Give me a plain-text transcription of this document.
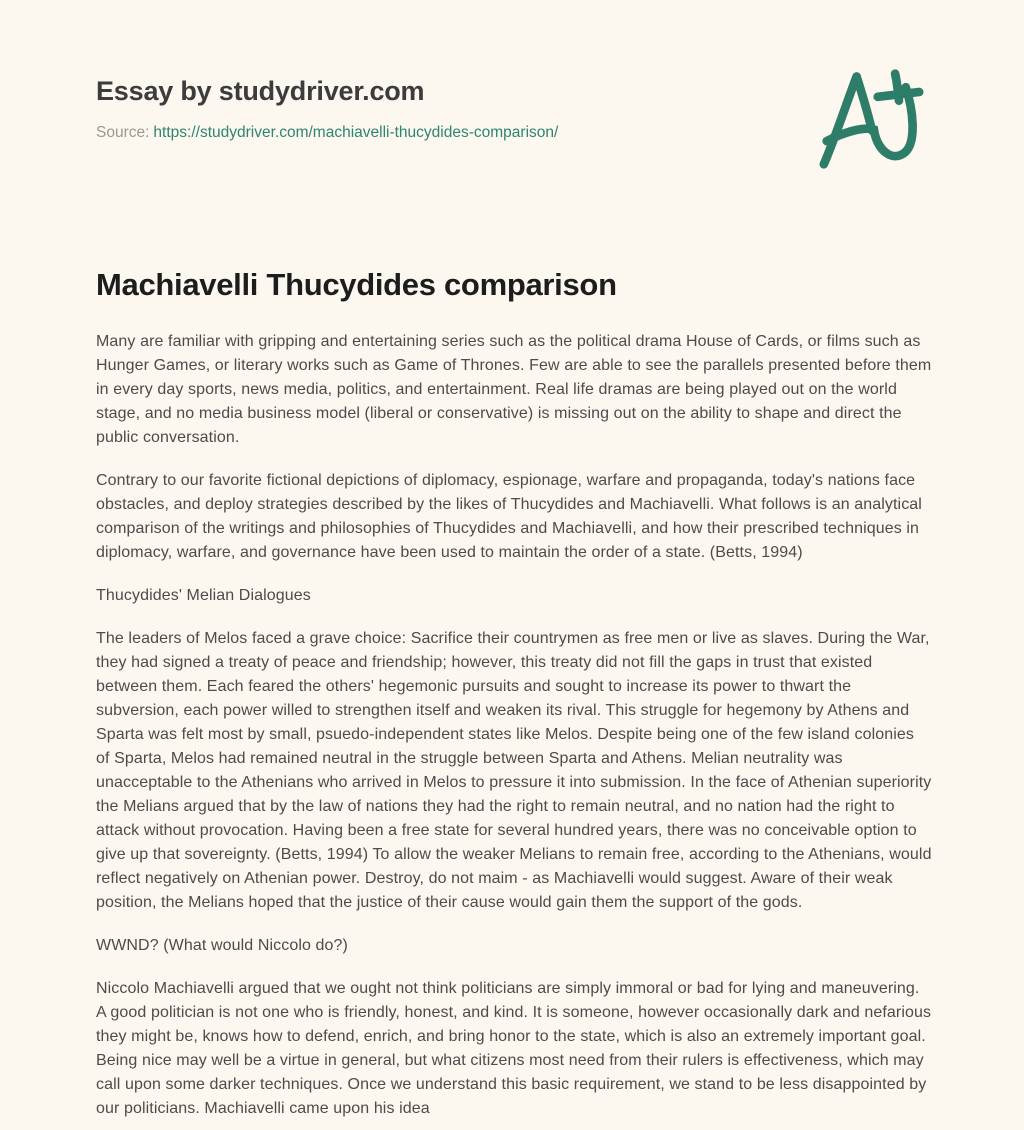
Essay by studydriver.com
Source: https://studydriver.com/machiavelli-thucydides-comparison/
Machiavelli Thucydides comparison

Many are familiar with gripping and entertaining series such as the political drama House of Cards, or films such as Hunger Games, or literary works such as Game of Thrones. Few are able to see the parallels presented before them in every day sports, news media, politics, and entertainment. Real life dramas are being played out on the world stage, and no media business model (liberal or conservative) is missing out on the ability to shape and direct the public conversation.

Contrary to our favorite fictional depictions of diplomacy, espionage, warfare and propaganda, today's nations face obstacles, and deploy strategies described by the likes of Thucydides and Machiavelli. What follows is an analytical comparison of the writings and philosophies of Thucydides and Machiavelli, and how their prescribed techniques in diplomacy, warfare, and governance have been used to maintain the order of a state. (Betts, 1994)

Thucydides' Melian Dialogues

The leaders of Melos faced a grave choice: Sacrifice their countrymen as free men or live as slaves. During the War, they had signed a treaty of peace and friendship; however, this treaty did not fill the gaps in trust that existed between them. Each feared the others' hegemonic pursuits and sought to increase its power to thwart the subversion, each power willed to strengthen itself and weaken its rival. This struggle for hegemony by Athens and Sparta was felt most by small, psuedo-independent states like Melos. Despite being one of the few island colonies of Sparta, Melos had remained neutral in the struggle between Sparta and Athens. Melian neutrality was unacceptable to the Athenians who arrived in Melos to pressure it into submission. In the face of Athenian superiority the Melians argued that by the law of nations they had the right to remain neutral, and no nation had the right to attack without provocation. Having been a free state for several hundred years, there was no conceivable option to give up that sovereignty. (Betts, 1994) To allow the weaker Melians to remain free, according to the Athenians, would reflect negatively on Athenian power. Destroy, do not maim - as Machiavelli would suggest. Aware of their weak position, the Melians hoped that the justice of their cause would gain them the support of the gods.

WWND? (What would Niccolo do?)

Niccolo Machiavelli argued that we ought not think politicians are simply immoral or bad for lying and maneuvering. A good politician is not one who is friendly, honest, and kind. It is someone, however occasionally dark and nefarious they might be, knows how to defend, enrich, and bring honor to the state, which is also an extremely important goal. Being nice may well be a virtue in general, but what citizens most need from their rulers is effectiveness, which may call upon some darker techniques. Once we understand this basic requirement, we stand to be less disappointed by our politicians. Machiavelli came upon his idea
